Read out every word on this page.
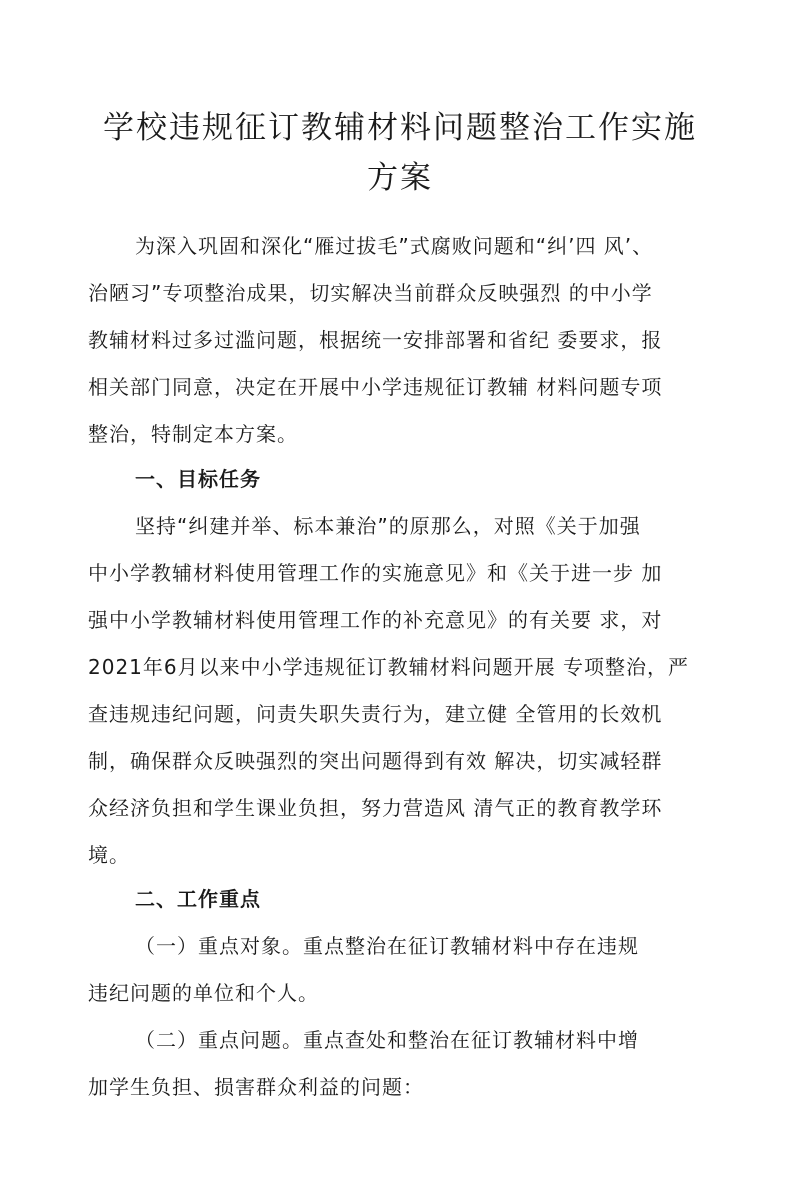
学校违规征订教辅材料问题整治工作实施
方案

为深入巩固和深化“雁过拔毛”式腐败问题和“纠’四 风’、

治陋习”专项整治成果，切实解决当前群众反映强烈 的中小学

教辅材料过多过滥问题，根据统一安排部署和省纪 委要求，报

相关部门同意，决定在开展中小学违规征订教辅 材料问题专项

整治，特制定本方案。

一、目标任务

坚持“纠建并举、标本兼治”的原那么，对照《关于加强

中小学教辅材料使用管理工作的实施意见》和《关于进一步 加

强中小学教辅材料使用管理工作的补充意见》的有关要 求，对

2021年6月以来中小学违规征订教辅材料问题开展 专项整治，严

查违规违纪问题，问责失职失责行为，建立健 全管用的长效机

制，确保群众反映强烈的突出问题得到有效 解决，切实减轻群

众经济负担和学生课业负担，努力营造风 清气正的教育教学环

境。

二、工作重点

（一）重点对象。重点整治在征订教辅材料中存在违规

违纪问题的单位和个人。

（二）重点问题。重点查处和整治在征订教辅材料中增

加学生负担、损害群众利益的问题：
